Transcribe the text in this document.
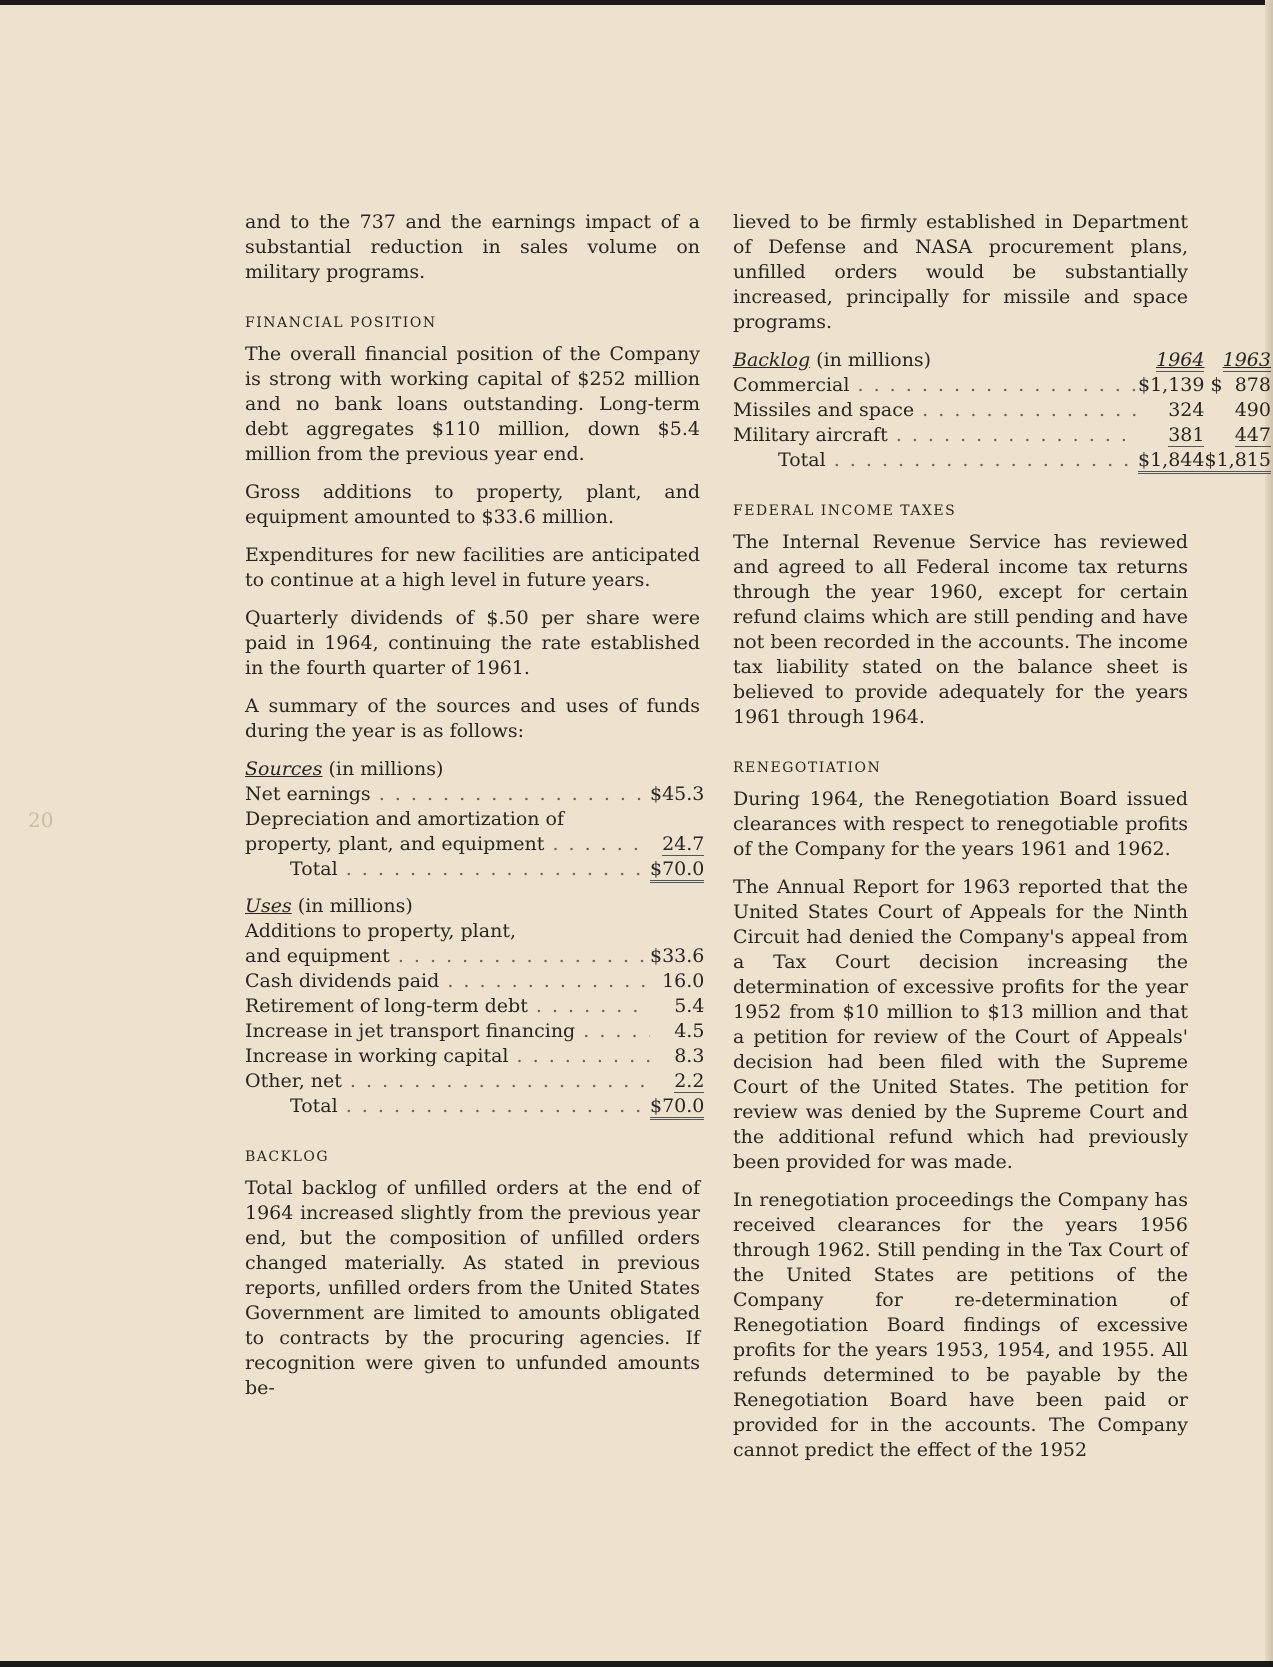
20

and to the 737 and the earnings impact of a substantial reduction in sales volume on military programs.

FINANCIAL POSITION

The overall financial position of the Company is strong with working capital of $252 million and no bank loans outstanding. Long-term debt aggregates $110 million, down $5.4 million from the previous year end.

Gross additions to property, plant, and equipment amounted to $33.6 million.

Expenditures for new facilities are anticipated to continue at a high level in future years.

Quarterly dividends of $.50 per share were paid in 1964, continuing the rate established in the fourth quarter of 1961.

A summary of the sources and uses of funds during the year is as follows:

Sources (in millions)	
Net earnings . . .	$45.3
Depreciation and amortization of	
property, plant, and equipment . . .	24.7
Total . . .	$70.0
Uses (in millions)	
Additions to property, plant,	
and equipment . . .	$33.6
Cash dividends paid . . .	16.0
Retirement of long-term debt . . .	5.4
Increase in jet transport financing . . .	4.5
Increase in working capital . . .	8.3
Other, net . . .	2.2
Total . . .	$70.0
BACKLOG

Total backlog of unfilled orders at the end of 1964 increased slightly from the previous year end, but the composition of unfilled orders changed materially. As stated in previous reports, unfilled orders from the United States Government are limited to amounts obligated to contracts by the procuring agencies. If recognition were given to unfunded amounts be-

lieved to be firmly established in Department of Defense and NASA procurement plans, unfilled orders would be substantially increased, principally for missile and space programs.

Backlog (in millions)	1964	1963
Commercial . . .	$1,139	$  878
Missiles and space . . .	324	490
Military aircraft . . .	381	447
Total . . .	$1,844	$1,815
FEDERAL INCOME TAXES

The Internal Revenue Service has reviewed and agreed to all Federal income tax returns through the year 1960, except for certain refund claims which are still pending and have not been recorded in the accounts. The income tax liability stated on the balance sheet is believed to provide adequately for the years 1961 through 1964.

RENEGOTIATION

During 1964, the Renegotiation Board issued clearances with respect to renegotiable profits of the Company for the years 1961 and 1962.

The Annual Report for 1963 reported that the United States Court of Appeals for the Ninth Circuit had denied the Company's appeal from a Tax Court decision increasing the determination of excessive profits for the year 1952 from $10 million to $13 million and that a petition for review of the Court of Appeals' decision had been filed with the Supreme Court of the United States. The petition for review was denied by the Supreme Court and the additional refund which had previously been provided for was made.

In renegotiation proceedings the Company has received clearances for the years 1956 through 1962. Still pending in the Tax Court of the United States are petitions of the Company for re-determination of Renegotiation Board findings of excessive profits for the years 1953, 1954, and 1955. All refunds determined to be payable by the Renegotiation Board have been paid or provided for in the accounts. The Company cannot predict the effect of the 1952
